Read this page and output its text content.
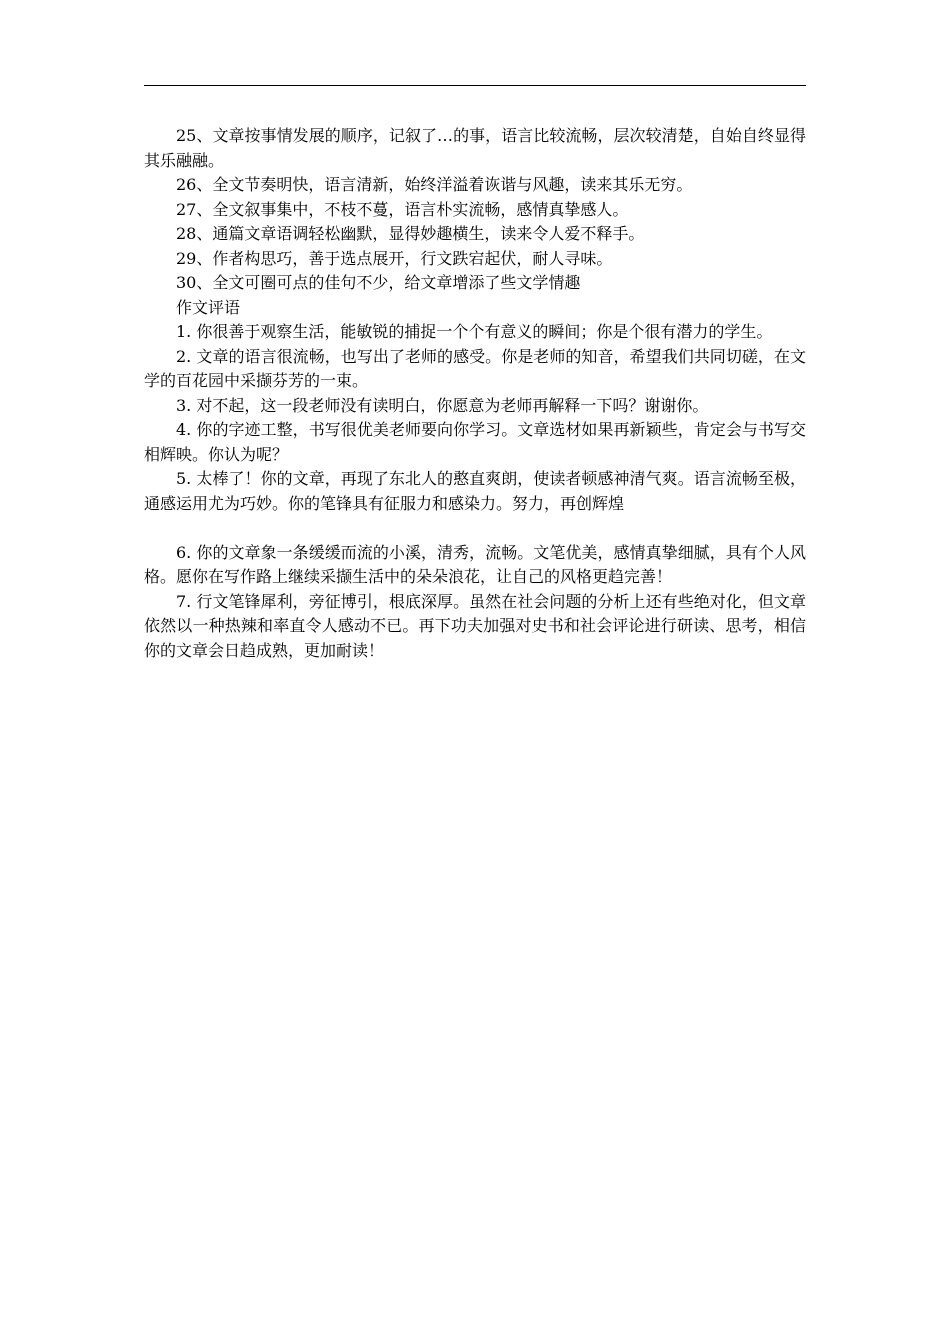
25、文章按事情发展的顺序，记叙了…的事，语言比较流畅，层次较清楚，自始自终显得其乐融融。

26、全文节奏明快，语言清新，始终洋溢着诙谐与风趣，读来其乐无穷。

27、全文叙事集中，不枝不蔓，语言朴实流畅，感情真挚感人。

28、通篇文章语调轻松幽默，显得妙趣横生，读来令人爱不释手。

29、作者构思巧，善于选点展开，行文跌宕起伏，耐人寻味。

30、全文可圈可点的佳句不少，给文章增添了些文学情趣

作文评语

1. 你很善于观察生活，能敏锐的捕捉一个个有意义的瞬间；你是个很有潜力的学生。

2. 文章的语言很流畅，也写出了老师的感受。你是老师的知音，希望我们共同切磋，在文学的百花园中采撷芬芳的一束。

3. 对不起，这一段老师没有读明白，你愿意为老师再解释一下吗？谢谢你。

4. 你的字迹工整，书写很优美老师要向你学习。文章选材如果再新颖些，肯定会与书写交相辉映。你认为呢？

5. 太棒了！你的文章，再现了东北人的憨直爽朗，使读者顿感神清气爽。语言流畅至极，通感运用尤为巧妙。你的笔锋具有征服力和感染力。努力，再创辉煌

6. 你的文章象一条缓缓而流的小溪，清秀，流畅。文笔优美，感情真挚细腻，具有个人风格。愿你在写作路上继续采撷生活中的朵朵浪花，让自己的风格更趋完善！

7. 行文笔锋犀利，旁征博引，根底深厚。虽然在社会问题的分析上还有些绝对化，但文章依然以一种热辣和率直令人感动不已。再下功夫加强对史书和社会评论进行研读、思考，相信你的文章会日趋成熟，更加耐读！
